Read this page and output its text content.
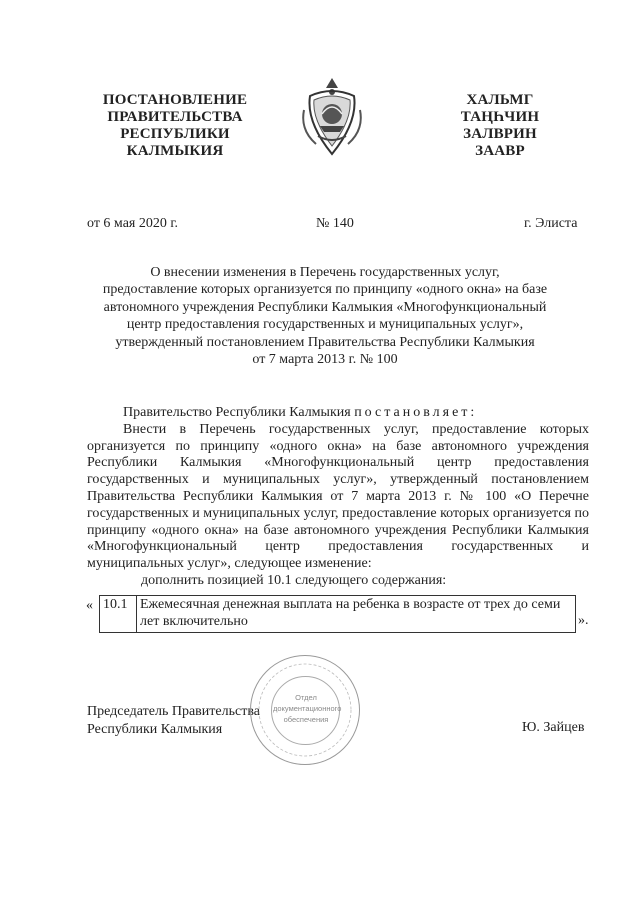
ПОСТАНОВЛЕНИЕ
ПРАВИТЕЛЬСТВА
РЕСПУБЛИКИ
КАЛМЫКИЯ
ХАЛЬМГ
ТАҢҺЧИН
ЗАЛВРИН
ЗААВР
от 6 мая 2020 г.	№ 140	г. Элиста
О внесении изменения в Перечень государственных услуг,
предоставление которых организуется по принципу «одного окна» на базе
автономного учреждения Республики Калмыкия «Многофункциональный
центр предоставления государственных и муниципальных услуг»,
утвержденный постановлением Правительства Республики Калмыкия
от 7 марта 2013 г. № 100
Правительство Республики Калмыкия постановляет:

Внести в Перечень государственных услуг, предоставление которых организуется по принципу «одного окна» на базе автономного учреждения Республики Калмыкия «Многофункциональный центр предоставления государственных и муниципальных услуг», утвержденный постановлением Правительства Республики Калмыкия от 7 марта 2013 г. № 100 «О Перечне государственных и муниципальных услуг, предоставление которых организуется по принципу «одного окна» на базе автономного учреждения Республики Калмыкия «Многофункциональный центр предоставления государственных и муниципальных услуг», следующее изменение:

дополнить позицией 10.1 следующего содержания:

« 10.1	Ежемесячная денежная выплата на ребенка в возрасте от трех до семи лет включительно	».
Председатель Правительства
Республики Калмыкия	Ю. Зайцев
Отдел
документационного
обеспечения
